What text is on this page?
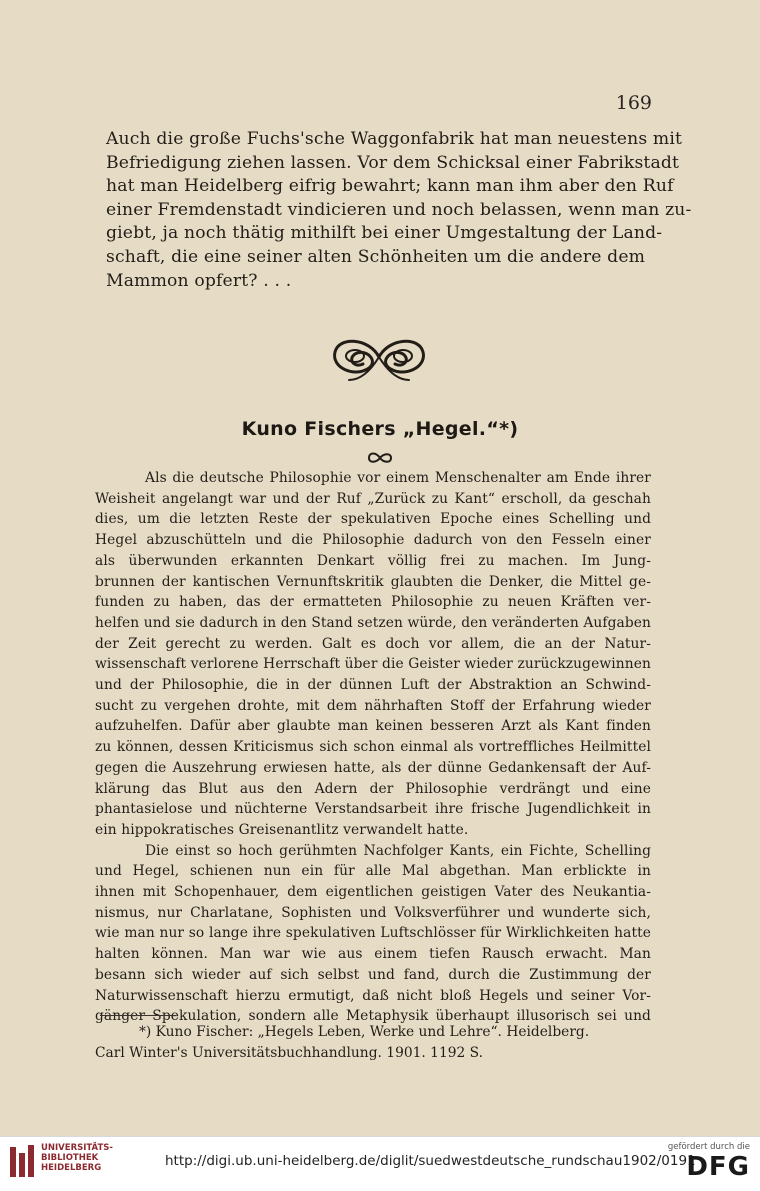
169
Auch die große Fuchs'sche Waggonfabrik hat man neuestens mit
Befriedigung ziehen lassen. Vor dem Schicksal einer Fabrikstadt
hat man Heidelberg eifrig bewahrt; kann man ihm aber den Ruf
einer Fremdenstadt vindicieren und noch belassen, wenn man zu-
giebt, ja noch thätig mithilft bei einer Umgestaltung der Land-
schaft, die eine seiner alten Schönheiten um die andere dem
Mammon opfert? . . .
Kuno Fischers „Hegel.“*)
Als die deutsche Philosophie vor einem Menschenalter am Ende ihrer
Weisheit angelangt war und der Ruf „Zurück zu Kant“ erscholl, da geschah
dies, um die letzten Reste der spekulativen Epoche eines Schelling und
Hegel abzuschütteln und die Philosophie dadurch von den Fesseln einer
als überwunden erkannten Denkart völlig frei zu machen. Im Jung-
brunnen der kantischen Vernunftskritik glaubten die Denker, die Mittel ge-
funden zu haben, das der ermatteten Philosophie zu neuen Kräften ver-
helfen und sie dadurch in den Stand setzen würde, den veränderten Aufgaben
der Zeit gerecht zu werden. Galt es doch vor allem, die an der Natur-
wissenschaft verlorene Herrschaft über die Geister wieder zurückzugewinnen
und der Philosophie, die in der dünnen Luft der Abstraktion an Schwind-
sucht zu vergehen drohte, mit dem nährhaften Stoff der Erfahrung wieder
aufzuhelfen. Dafür aber glaubte man keinen besseren Arzt als Kant finden
zu können, dessen Kriticismus sich schon einmal als vortreffliches Heilmittel
gegen die Auszehrung erwiesen hatte, als der dünne Gedankensaft der Auf-
klärung das Blut aus den Adern der Philosophie verdrängt und eine
phantasielose und nüchterne Verstandsarbeit ihre frische Jugendlichkeit in
ein hippokratisches Greisenantlitz verwandelt hatte.
Die einst so hoch gerühmten Nachfolger Kants, ein Fichte, Schelling
und Hegel, schienen nun ein für alle Mal abgethan. Man erblickte in
ihnen mit Schopenhauer, dem eigentlichen geistigen Vater des Neukantia-
nismus, nur Charlatane, Sophisten und Volksverführer und wunderte sich,
wie man nur so lange ihre spekulativen Luftschlösser für Wirklichkeiten hatte
halten können. Man war wie aus einem tiefen Rausch erwacht. Man
besann sich wieder auf sich selbst und fand, durch die Zustimmung der
Naturwissenschaft hierzu ermutigt, daß nicht bloß Hegels und seiner Vor-
gänger Spekulation, sondern alle Metaphysik überhaupt illusorisch sei und
*) Kuno Fischer: „Hegels Leben, Werke und Lehre“. Heidelberg.
Carl Winter's Universitätsbuchhandlung. 1901. 1192 S.
UNIVERSITÄTS-
BIBLIOTHEK
HEIDELBERG	http://digi.ub.uni-heidelberg.de/diglit/suedwestdeutsche_rundschau1902/0191
gefördert durch die
DFG
